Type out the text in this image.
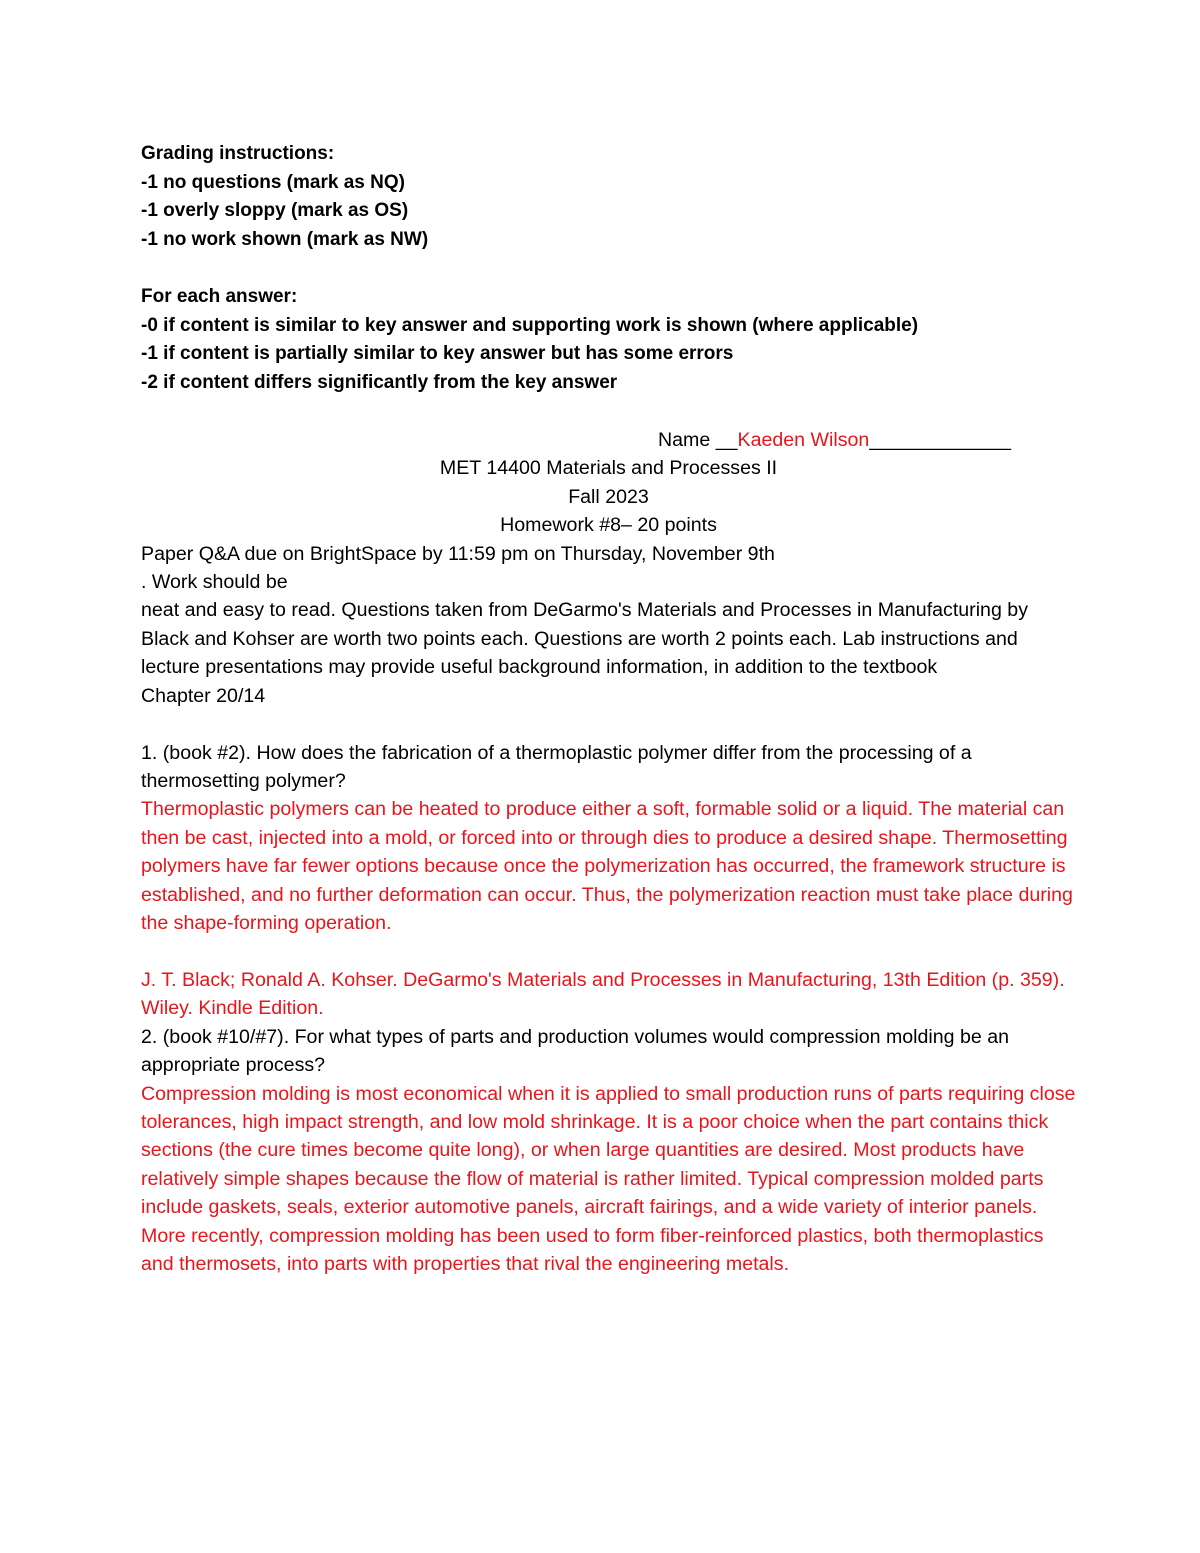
Grading instructions:
-1 no questions (mark as NQ)
-1 overly sloppy (mark as OS)
-1 no work shown (mark as NW)
For each answer:
-0 if content is similar to key answer and supporting work is shown (where applicable)
-1 if content is partially similar to key answer but has some errors
-2 if content differs significantly from the key answer
Name __Kaeden Wilson_____________
MET 14400 Materials and Processes II
Fall 2023
Homework #8– 20 points
Paper Q&A due on BrightSpace by 11:59 pm on Thursday, November 9th
. Work should be
neat and easy to read. Questions taken from DeGarmo's Materials and Processes in Manufacturing by Black and Kohser are worth two points each. Questions are worth 2 points each. Lab instructions and lecture presentations may provide useful background information, in addition to the textbook
Chapter 20/14
1. (book #2). How does the fabrication of a thermoplastic polymer differ from the processing of a thermosetting polymer?
Thermoplastic polymers can be heated to produce either a soft, formable solid or a liquid. The material can then be cast, injected into a mold, or forced into or through dies to produce a desired shape. Thermosetting polymers have far fewer options because once the polymerization has occurred, the framework structure is established, and no further deformation can occur. Thus, the polymerization reaction must take place during the shape-forming operation.
J. T. Black; Ronald A. Kohser. DeGarmo's Materials and Processes in Manufacturing, 13th Edition (p. 359). Wiley. Kindle Edition.
2. (book #10/#7). For what types of parts and production volumes would compression molding be an appropriate process?
Compression molding is most economical when it is applied to small production runs of parts requiring close tolerances, high impact strength, and low mold shrinkage. It is a poor choice when the part contains thick sections (the cure times become quite long), or when large quantities are desired. Most products have relatively simple shapes because the flow of material is rather limited. Typical compression molded parts include gaskets, seals, exterior automotive panels, aircraft fairings, and a wide variety of interior panels. More recently, compression molding has been used to form fiber-reinforced plastics, both thermoplastics and thermosets, into parts with properties that rival the engineering metals.
